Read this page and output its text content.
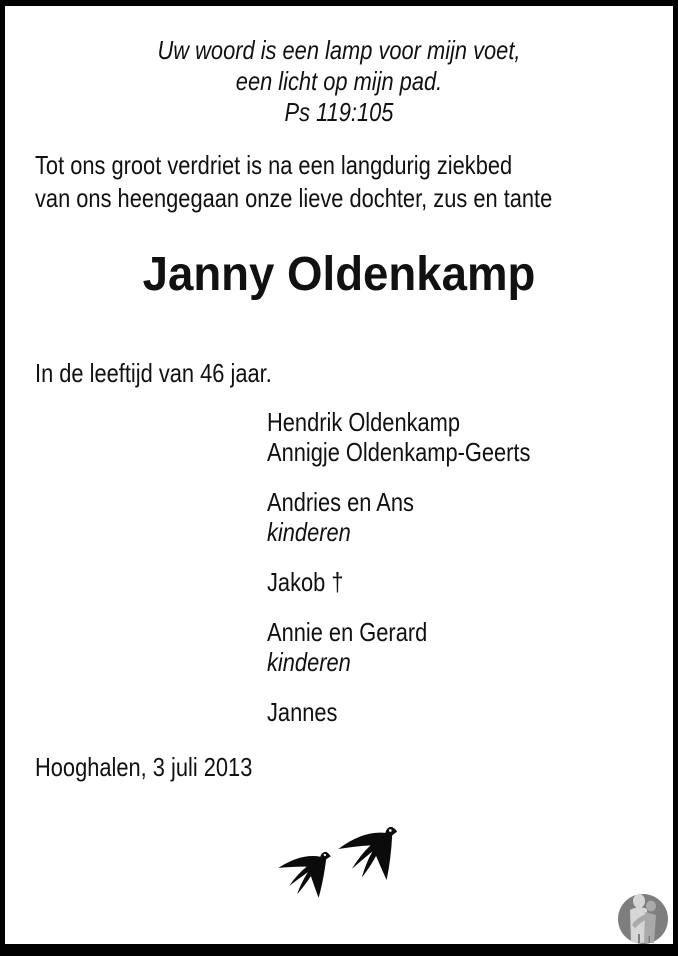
Uw woord is een lamp voor mijn voet,
een licht op mijn pad.
Ps 119:105
Tot ons groot verdriet is na een langdurig ziekbed
van ons heengegaan onze lieve dochter, zus en tante
Janny Oldenkamp
In de leeftijd van 46 jaar.
Hendrik Oldenkamp
Annigje Oldenkamp-Geerts
Andries en Ans
kinderen
Jakob †
Annie en Gerard
kinderen
Jannes
Hooghalen, 3 juli 2013
